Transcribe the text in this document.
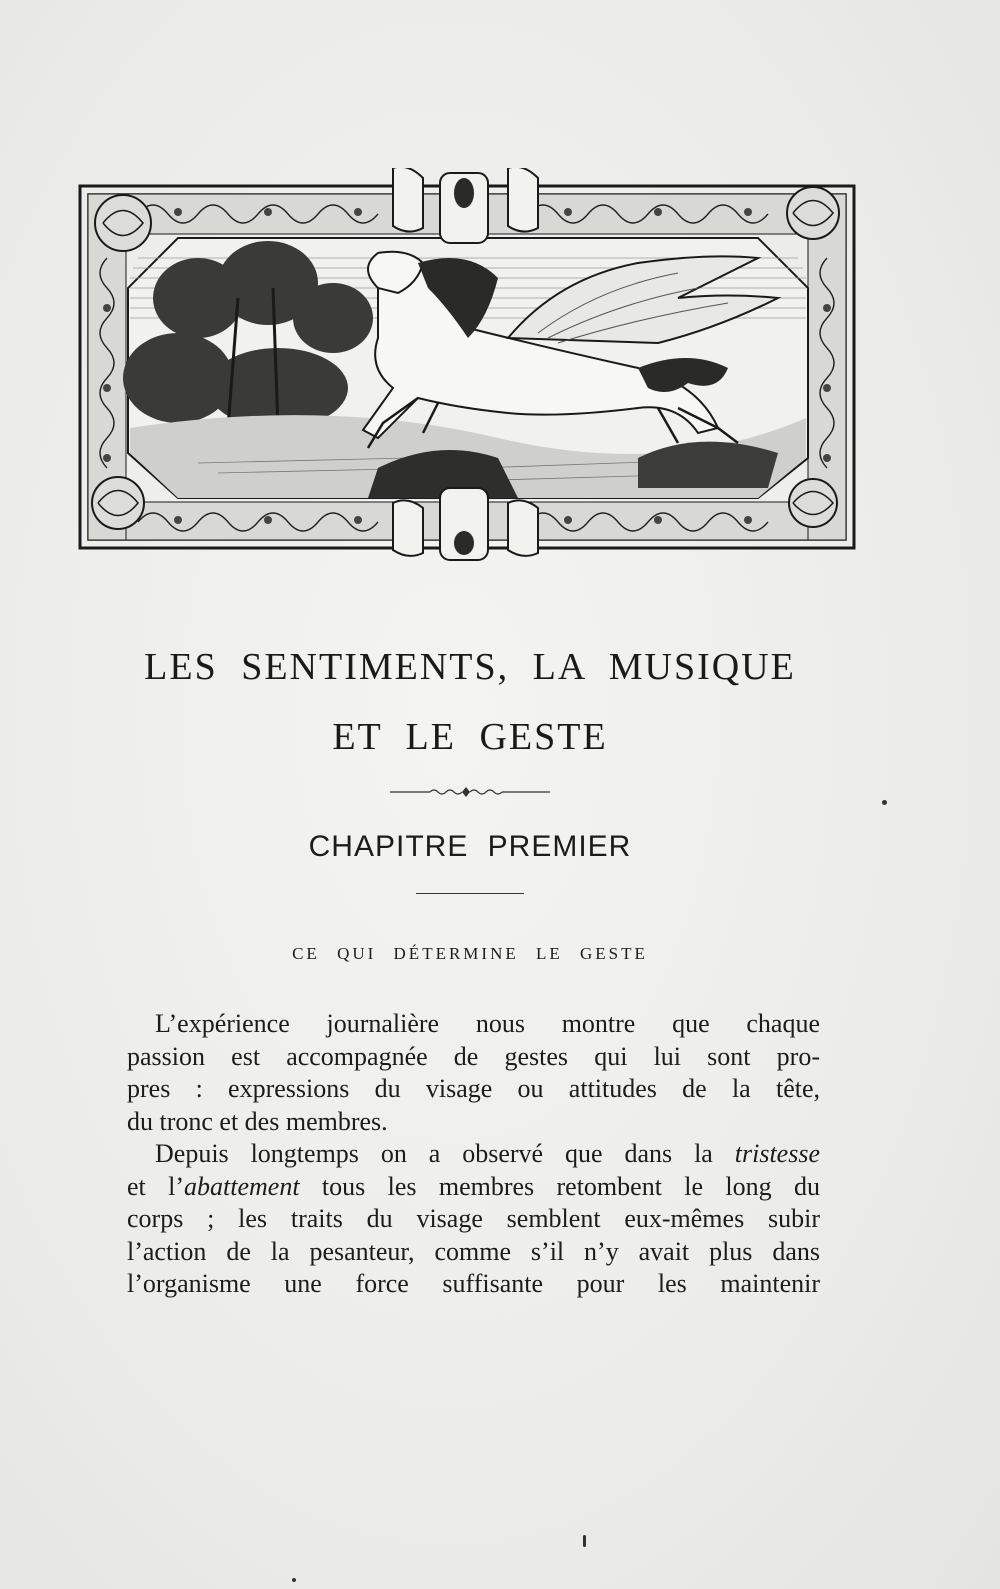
LES SENTIMENTS, LA MUSIQUE
ET LE GESTE
CHAPITRE PREMIER
CE QUI DÉTERMINE LE GESTE
L’expérience journalière nous montre que chaque
passion est accompagnée de gestes qui lui sont pro-
pres : expressions du visage ou attitudes de la tête,
du tronc et des membres.
Depuis longtemps on a observé que dans la tristesse
et l’abattement tous les membres retombent le long du
corps ; les traits du visage semblent eux-mêmes subir
l’action de la pesanteur, comme s’il n’y avait plus dans
l’organisme une force suffisante pour les maintenir
